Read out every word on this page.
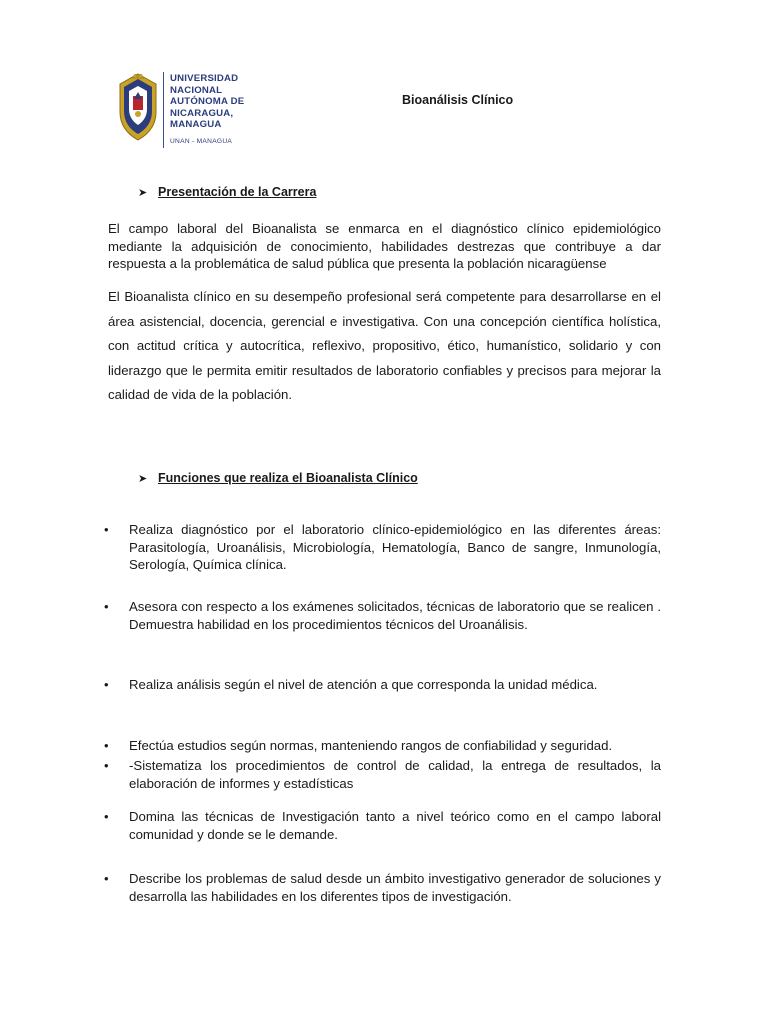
UNIVERSIDAD
NACIONAL
AUTÓNOMA DE
NICARAGUA,
MANAGUA
UNAN - MANAGUA
Bioanálisis Clínico
➤ Presentación de la Carrera

El campo laboral del Bioanalista se enmarca en el diagnóstico clínico epidemiológico mediante la adquisición de conocimiento, habilidades destrezas que contribuye a dar respuesta a la problemática de salud pública que presenta la población nicaragüense

El Bioanalista clínico en su desempeño profesional será competente para desarrollarse en el área asistencial, docencia, gerencial e investigativa. Con una concepción científica holística, con actitud crítica y autocrítica, reflexivo, propositivo, ético, humanístico, solidario y con liderazgo que le permita emitir resultados de laboratorio confiables y precisos para mejorar la calidad de vida de la población.

➤ Funciones que realiza el Bioanalista Clínico
•	Realiza diagnóstico por el laboratorio clínico-epidemiológico en las diferentes áreas: Parasitología, Uroanálisis, Microbiología, Hematología, Banco de sangre, Inmunología, Serología, Química clínica.
•	Asesora con respecto a los exámenes solicitados, técnicas de laboratorio que se realicen . Demuestra habilidad en los procedimientos técnicos del Uroanálisis.
•	Realiza análisis según el nivel de atención a que corresponda la unidad médica.
•	Efectúa estudios según normas, manteniendo rangos de confiabilidad y seguridad.
•	-Sistematiza los procedimientos de control de calidad, la entrega de resultados, la elaboración de informes y estadísticas
•	Domina las técnicas de Investigación tanto a nivel teórico como en el campo laboral comunidad y donde se le demande.
•	Describe los problemas de salud desde un ámbito investigativo generador de soluciones y desarrolla las habilidades en los diferentes tipos de investigación.
